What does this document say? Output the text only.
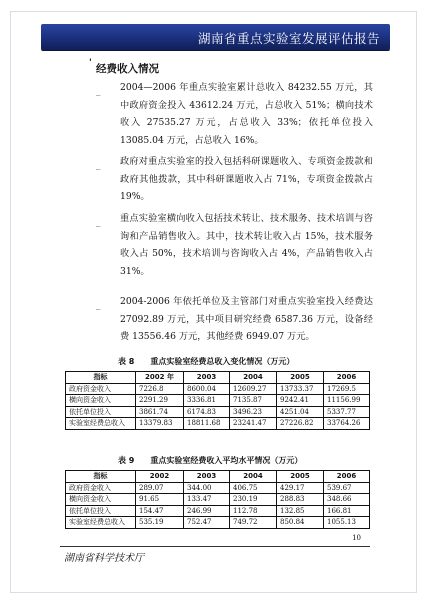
湖南省重点实验室发展评估报告
' 经费收入情况
_	2004—2006 年重点实验室累计总收入 84232.55 万元，其中政府资金投入 43612.24 万元，占总收入 51%；横向技术收入 27535.27 万元，占总收入 33%；依托单位投入 13085.04 万元，占总收入 16%。

_	政府对重点实验室的投入包括科研课题收入、专项资金拨款和政府其他拨款，其中科研课题收入占 71%，专项资金拨款占 19%。

_	重点实验室横向收入包括技术转让、技术服务、技术培训与咨询和产品销售收入。其中，技术转让收入占 15%，技术服务收入占 50%，技术培训与咨询收入占 4%，产品销售收入占 31%。

_	2004-2006 年依托单位及主管部门对重点实验室投入经费达 27092.89 万元，其中项目研究经费 6587.36 万元，设备经费 13556.46 万元，其他经费 6949.07 万元。

表 8 重点实验室经费总收入变化情况（万元）
指标	2002 年	2003	2004	2005	2006
政府资金收入	7226.8	8600.04	12609.27	13733.37	17269.5
横向资金收入	2291.29	3336.81	7135.87	9242.41	11156.99
依托单位投入	3861.74	6174.83	3496.23	4251.04	5337.77
实验室经费总收入	13379.83	18811.68	23241.47	27226.82	33764.26
表 9 重点实验室经费收入平均水平情况（万元）
指标	2002	2003	2004	2005	2006
政府资金收入	289.07	344.00	406.75	429.17	539.67
横向资金收入	91.65	133.47	230.19	288.83	348.66
依托单位投入	154.47	246.99	112.78	132.85	166.81
实验室经费总收入	535.19	752.47	749.72	850.84	1055.13
10
湖南省科学技术厅
